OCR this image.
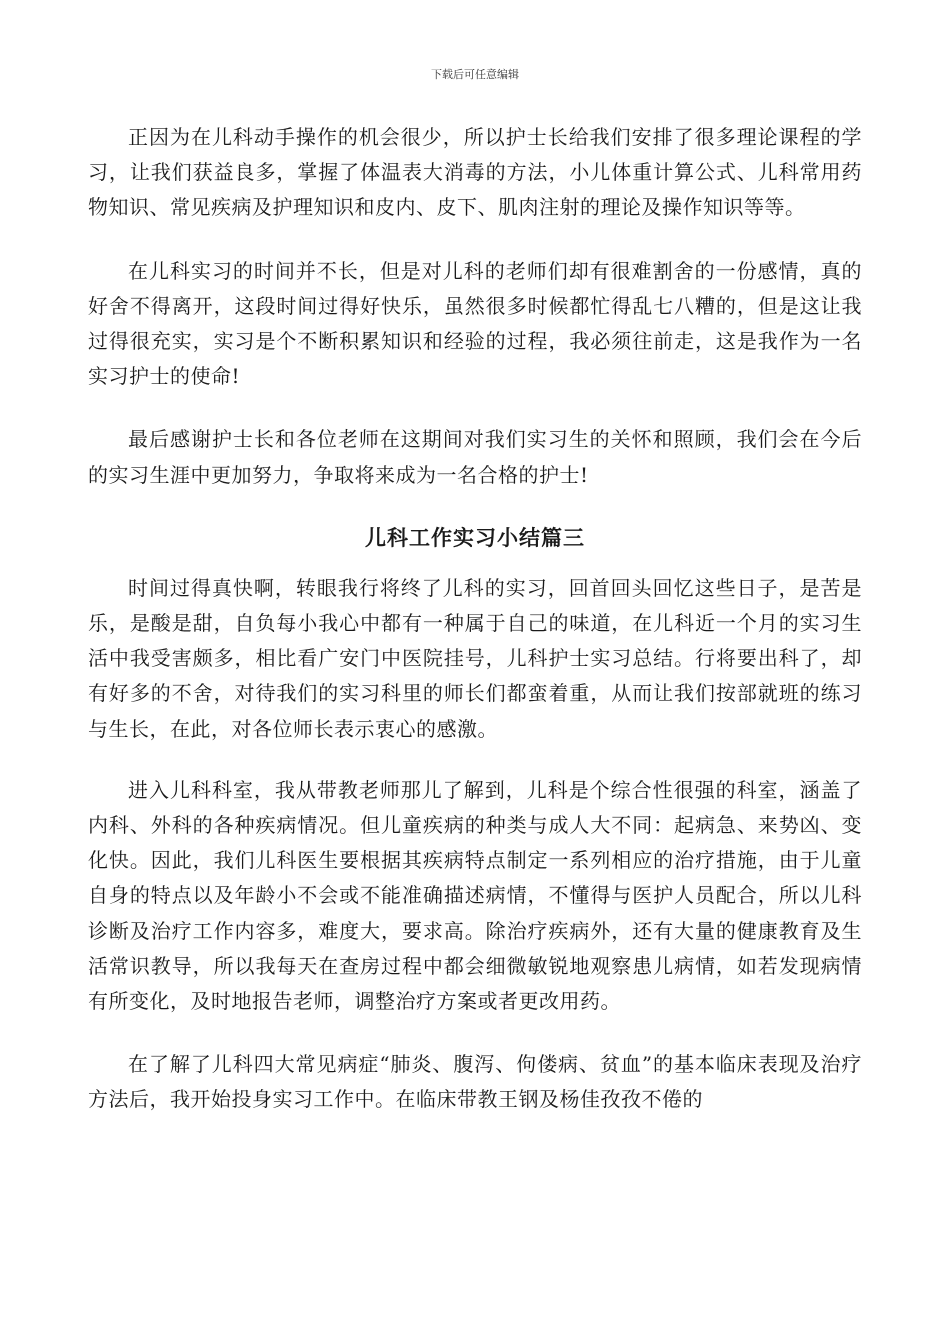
下载后可任意编辑

正因为在儿科动手操作的机会很少，所以护士长给我们安排了很多理论课程的学习，让我们获益良多，掌握了体温表大消毒的方法，小儿体重计算公式、儿科常用药物知识、常见疾病及护理知识和皮内、皮下、肌肉注射的理论及操作知识等等。

在儿科实习的时间并不长，但是对儿科的老师们却有很难割舍的一份感情，真的好舍不得离开，这段时间过得好快乐，虽然很多时候都忙得乱七八糟的，但是这让我过得很充实，实习是个不断积累知识和经验的过程，我必须往前走，这是我作为一名实习护士的使命!

最后感谢护士长和各位老师在这期间对我们实习生的关怀和照顾，我们会在今后的实习生涯中更加努力，争取将来成为一名合格的护士!

儿科工作实习小结篇三

时间过得真快啊，转眼我行将终了儿科的实习，回首回头回忆这些日子，是苦是乐，是酸是甜，自负每小我心中都有一种属于自己的味道，在儿科近一个月的实习生活中我受害颇多，相比看广安门中医院挂号，儿科护士实习总结。行将要出科了，却有好多的不舍，对待我们的实习科里的师长们都蛮着重，从而让我们按部就班的练习与生长，在此，对各位师长表示衷心的感激。

进入儿科科室，我从带教老师那儿了解到，儿科是个综合性很强的科室，涵盖了内科、外科的各种疾病情况。但儿童疾病的种类与成人大不同：起病急、来势凶、变化快。因此，我们儿科医生要根据其疾病特点制定一系列相应的治疗措施，由于儿童自身的特点以及年龄小不会或不能准确描述病情，不懂得与医护人员配合，所以儿科诊断及治疗工作内容多，难度大，要求高。除治疗疾病外，还有大量的健康教育及生活常识教导，所以我每天在查房过程中都会细微敏锐地观察患儿病情，如若发现病情有所变化，及时地报告老师，调整治疗方案或者更改用药。

在了解了儿科四大常见病症“肺炎、腹泻、佝偻病、贫血”的基本临床表现及治疗方法后，我开始投身实习工作中。在临床带教王钢及杨佳孜孜不倦的
